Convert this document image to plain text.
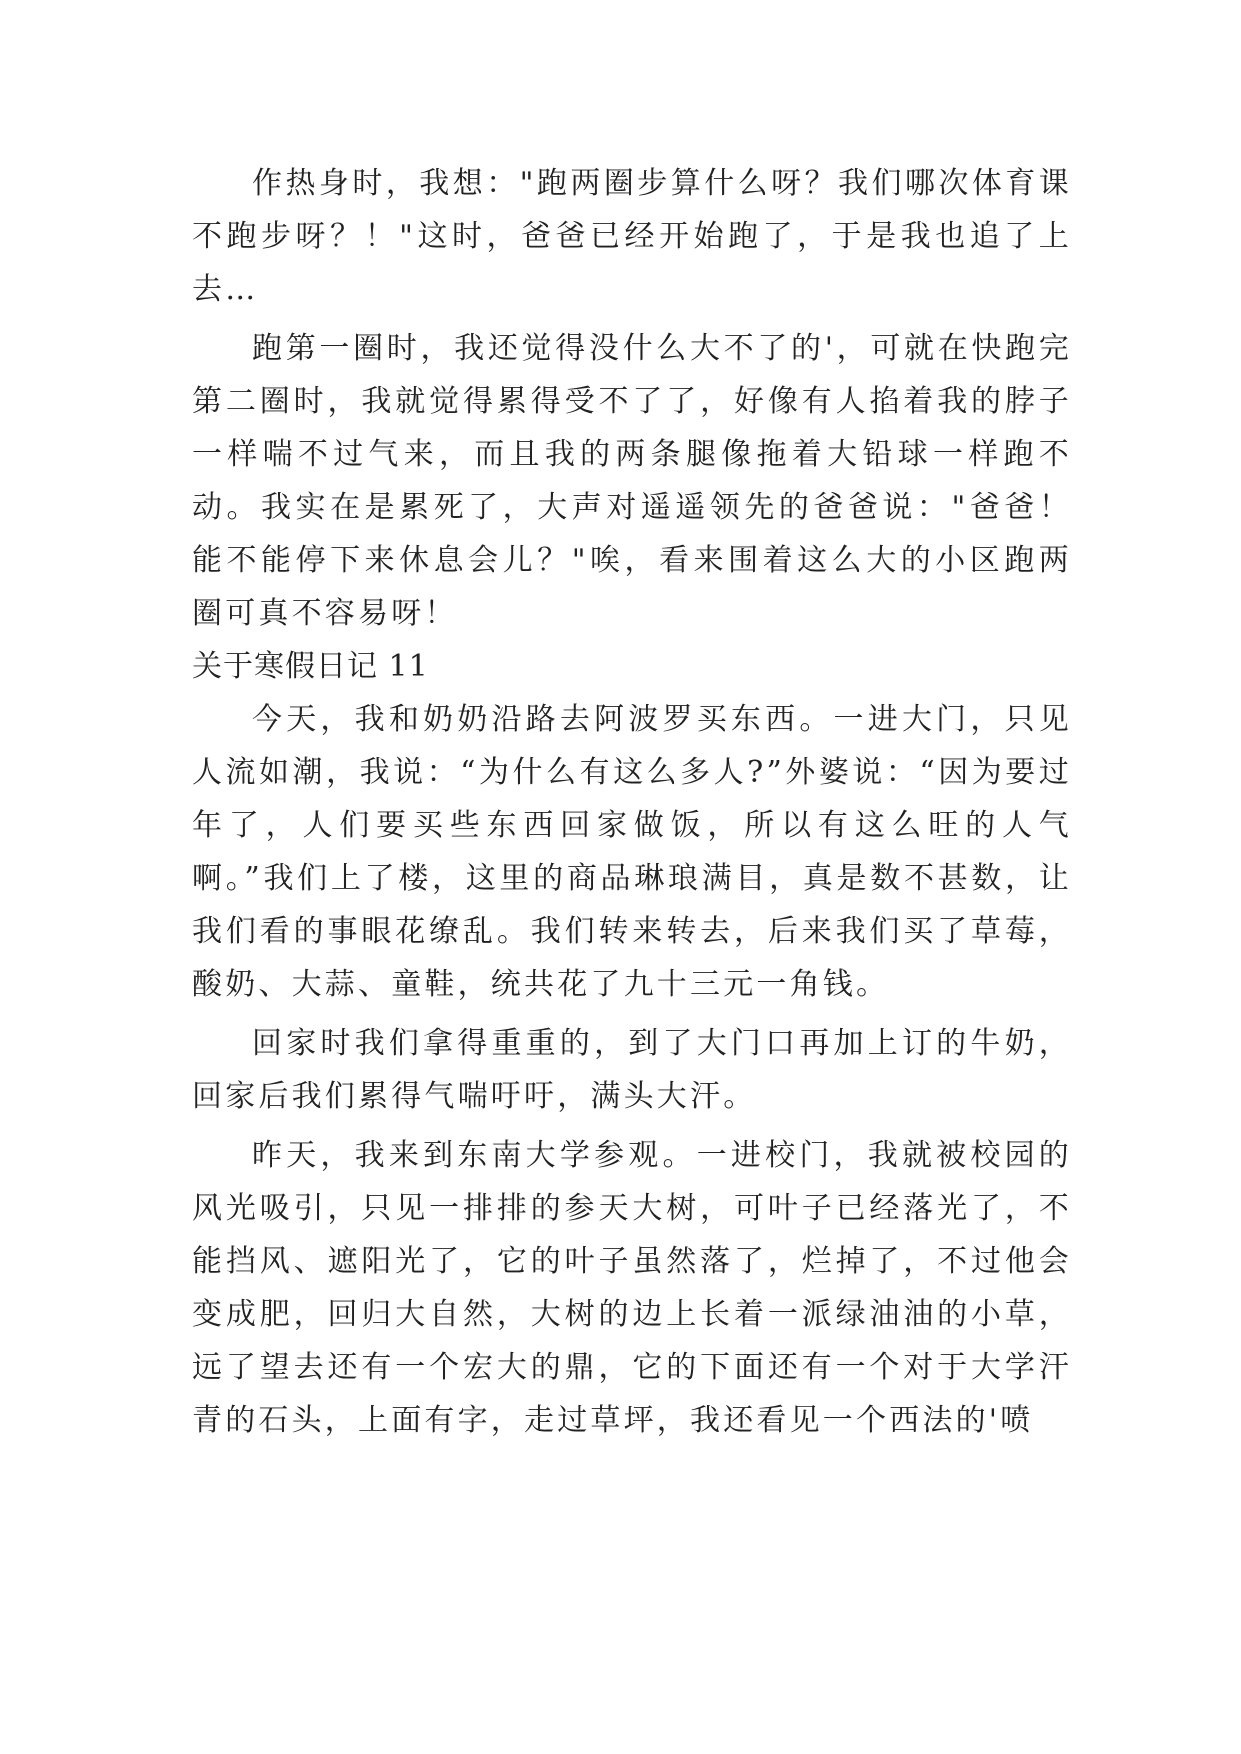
作热身时，我想："跑两圈步算什么呀？我们哪次体育课不跑步呀？！"这时，爸爸已经开始跑了，于是我也追了上去…

跑第一圈时，我还觉得没什么大不了的'，可就在快跑完第二圈时，我就觉得累得受不了了，好像有人掐着我的脖子一样喘不过气来，而且我的两条腿像拖着大铅球一样跑不动。我实在是累死了，大声对遥遥领先的爸爸说："爸爸！能不能停下来休息会儿？"唉，看来围着这么大的小区跑两圈可真不容易呀！

关于寒假日记 11

今天，我和奶奶沿路去阿波罗买东西。一进大门，只见人流如潮，我说：“为什么有这么多人?”外婆说：“因为要过年了，人们要买些东西回家做饭，所以有这么旺的人气啊。”我们上了楼，这里的商品琳琅满目，真是数不甚数，让我们看的事眼花缭乱。我们转来转去，后来我们买了草莓，酸奶、大蒜、童鞋，统共花了九十三元一角钱。

回家时我们拿得重重的，到了大门口再加上订的牛奶，回家后我们累得气喘吁吁，满头大汗。

昨天，我来到东南大学参观。一进校门，我就被校园的风光吸引，只见一排排的参天大树，可叶子已经落光了，不能挡风、遮阳光了，它的叶子虽然落了，烂掉了，不过他会变成肥，回归大自然，大树的边上长着一派绿油油的小草，远了望去还有一个宏大的鼎，它的下面还有一个对于大学汗青的石头，上面有字，走过草坪，我还看见一个西法的'喷
